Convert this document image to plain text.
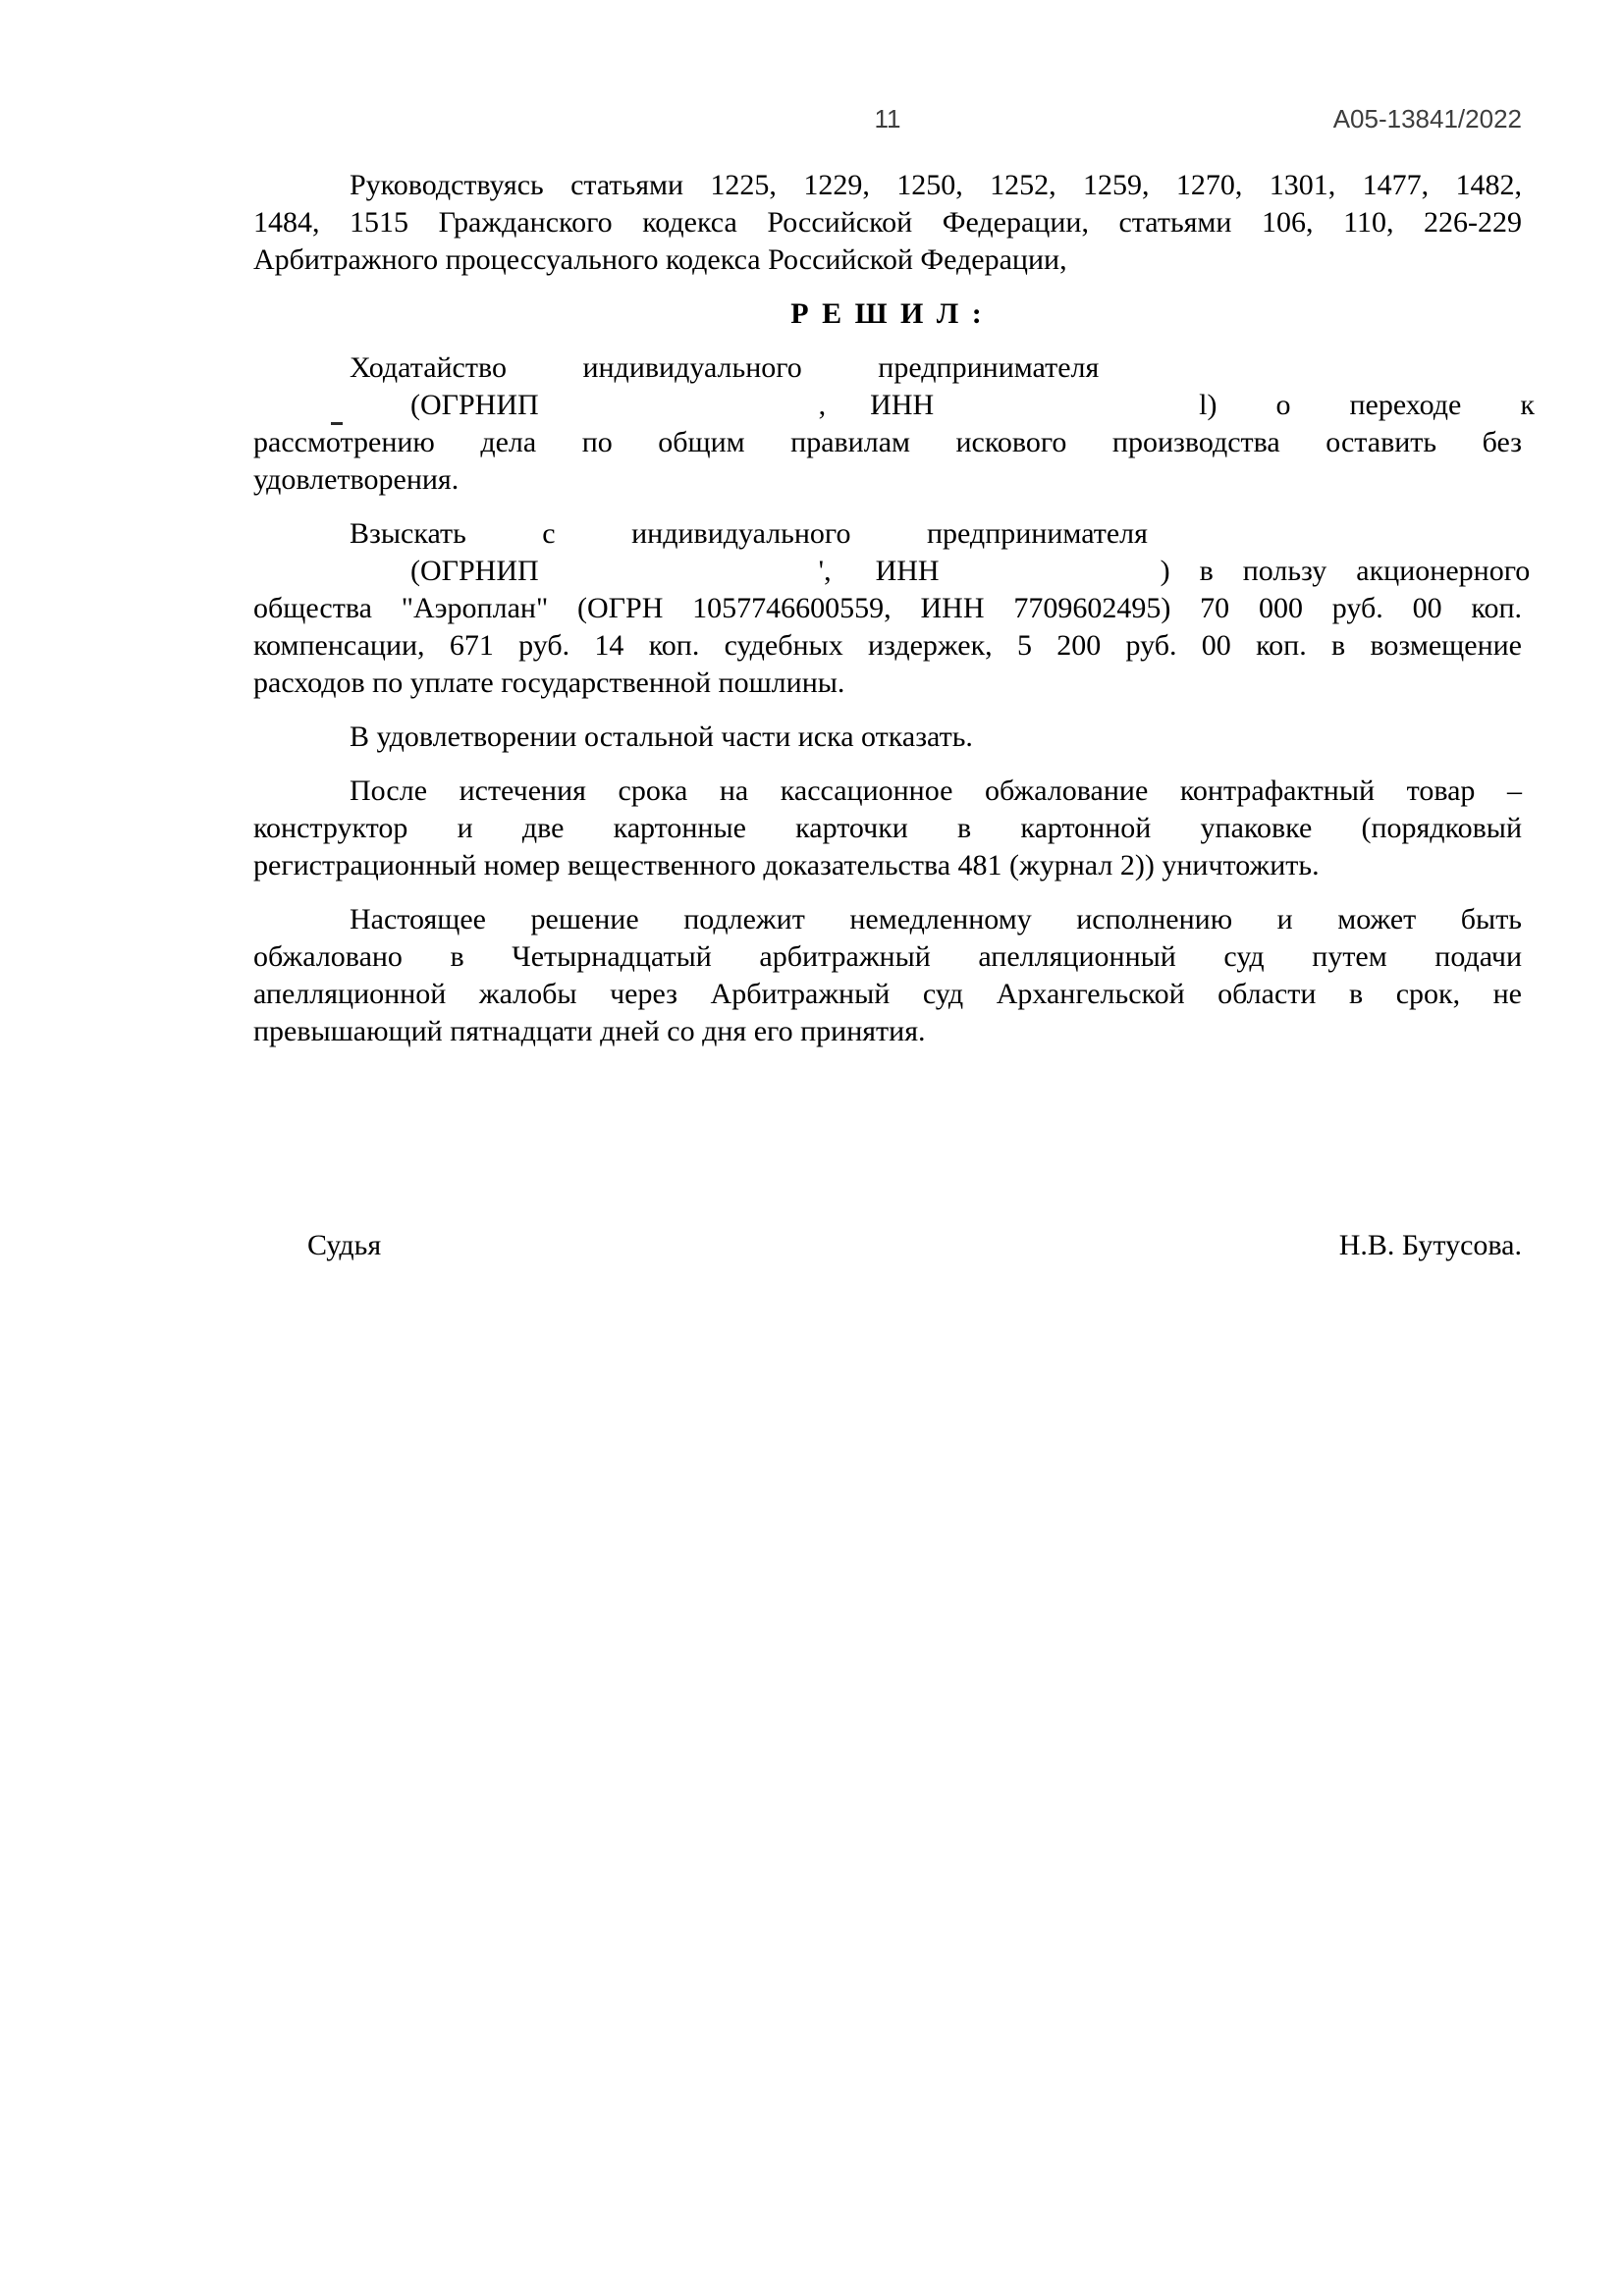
11	А05-13841/2022
Руководствуясь статьями 1225, 1229, 1250, 1252, 1259, 1270, 1301, 1477, 1482,
1484, 1515 Гражданского кодекса Российской Федерации, статьями 106, 110, 226-229
Арбитражного процессуального кодекса Российской Федерации,
Р Е Ш И Л :
Ходатайство индивидуального предпринимателя
(ОГРНИП                                      ,      ИНН                                    l)        о        переходе        к
рассмотрению дела по общим правилам искового производства оставить без
удовлетворения.
Взыскать с индивидуального предпринимателя
(ОГРНИП                                      ',      ИНН                              )    в    пользу    акционерного
общества "Аэроплан" (ОГРН 1057746600559, ИНН 7709602495) 70 000 руб. 00 коп.
компенсации, 671 руб. 14 коп. судебных издержек, 5 200 руб. 00 коп. в возмещение
расходов по уплате государственной пошлины.
В удовлетворении остальной части иска отказать.
После истечения срока на кассационное обжалование контрафактный товар –
конструктор и две картонные карточки в картонной упаковке (порядковый
регистрационный номер вещественного доказательства 481 (журнал 2)) уничтожить.
Настоящее решение подлежит немедленному исполнению и может быть
обжаловано в Четырнадцатый арбитражный апелляционный суд путем подачи
апелляционной жалобы через Арбитражный суд Архангельской области в срок, не
превышающий пятнадцати дней со дня его принятия.
Судья	Н.В. Бутусова.
